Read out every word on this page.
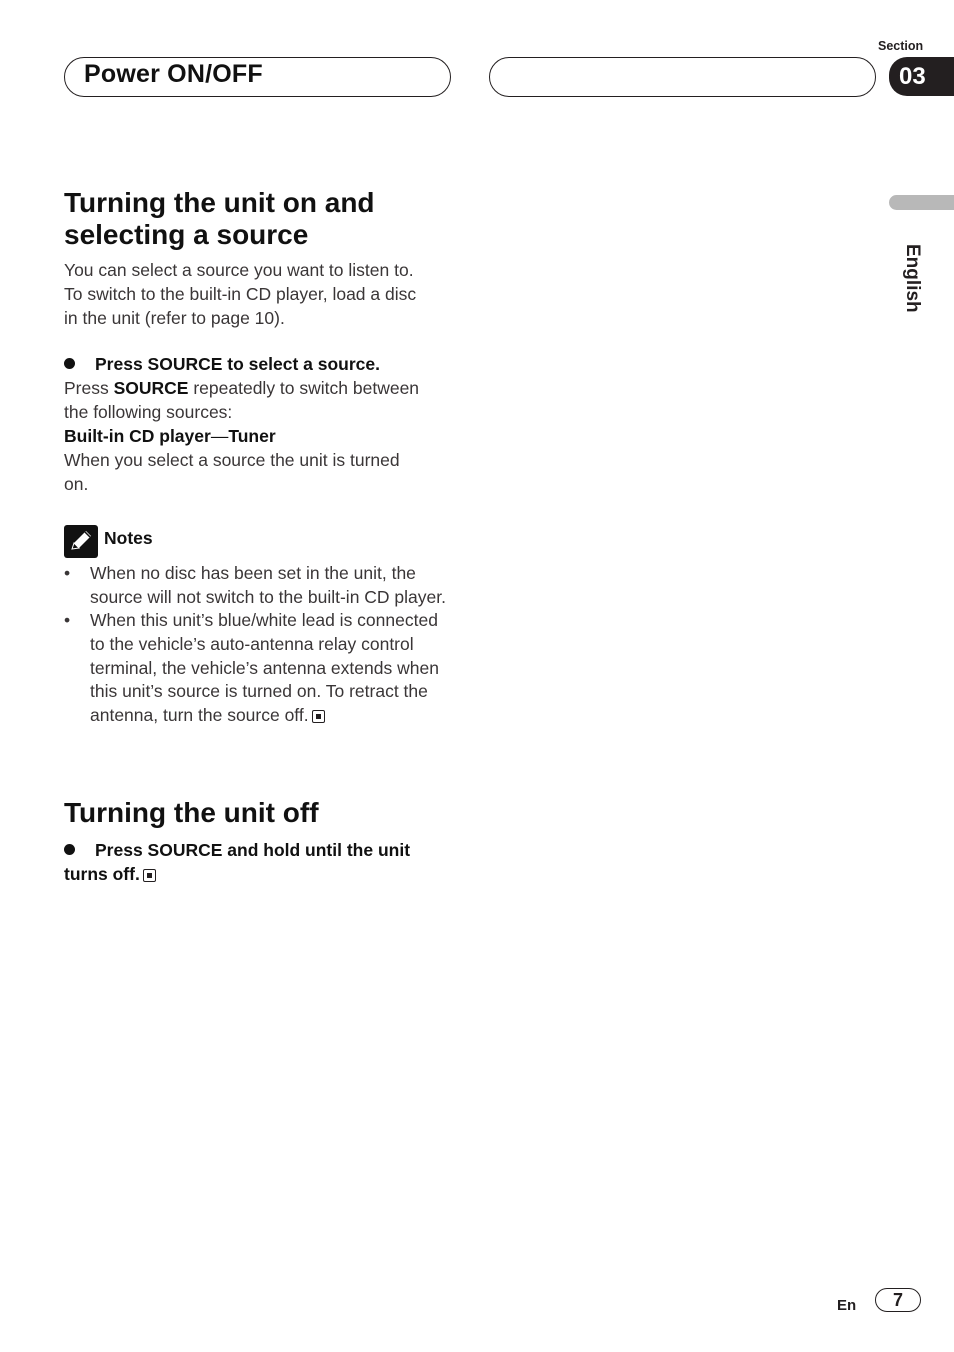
Power ON/OFF
Section
03
English
Turning the unit on and
selecting a source
You can select a source you want to listen to.
To switch to the built-in CD player, load a disc
in the unit (refer to page 10).
Press SOURCE to select a source.
Press SOURCE repeatedly to switch between
the following sources:
Built-in CD player—Tuner
When you select a source the unit is turned
on.
Notes
• When no disc has been set in the unit, the
source will not switch to the built-in CD player.
• When this unit’s blue/white lead is connected
to the vehicle’s auto-antenna relay control
terminal, the vehicle’s antenna extends when
this unit’s source is turned on. To retract the
antenna, turn the source off.
Turning the unit off
Press SOURCE and hold until the unit
turns off.
En	7
